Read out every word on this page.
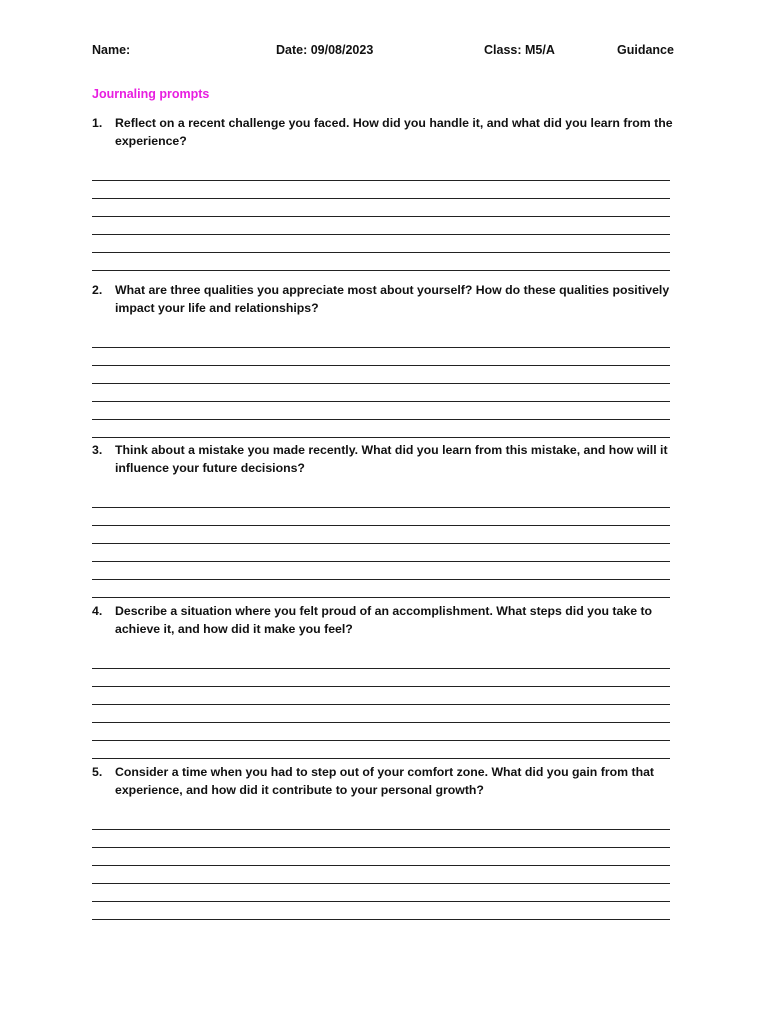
Name:	Date: 09/08/2023	Class: M5/A	Guidance
Journaling prompts
1. Reflect on a recent challenge you faced. How did you handle it, and what did you learn from the experience?
2. What are three qualities you appreciate most about yourself? How do these qualities positively impact your life and relationships?
3. Think about a mistake you made recently. What did you learn from this mistake, and how will it influence your future decisions?
4. Describe a situation where you felt proud of an accomplishment. What steps did you take to achieve it, and how did it make you feel?
5. Consider a time when you had to step out of your comfort zone. What did you gain from that experience, and how did it contribute to your personal growth?
